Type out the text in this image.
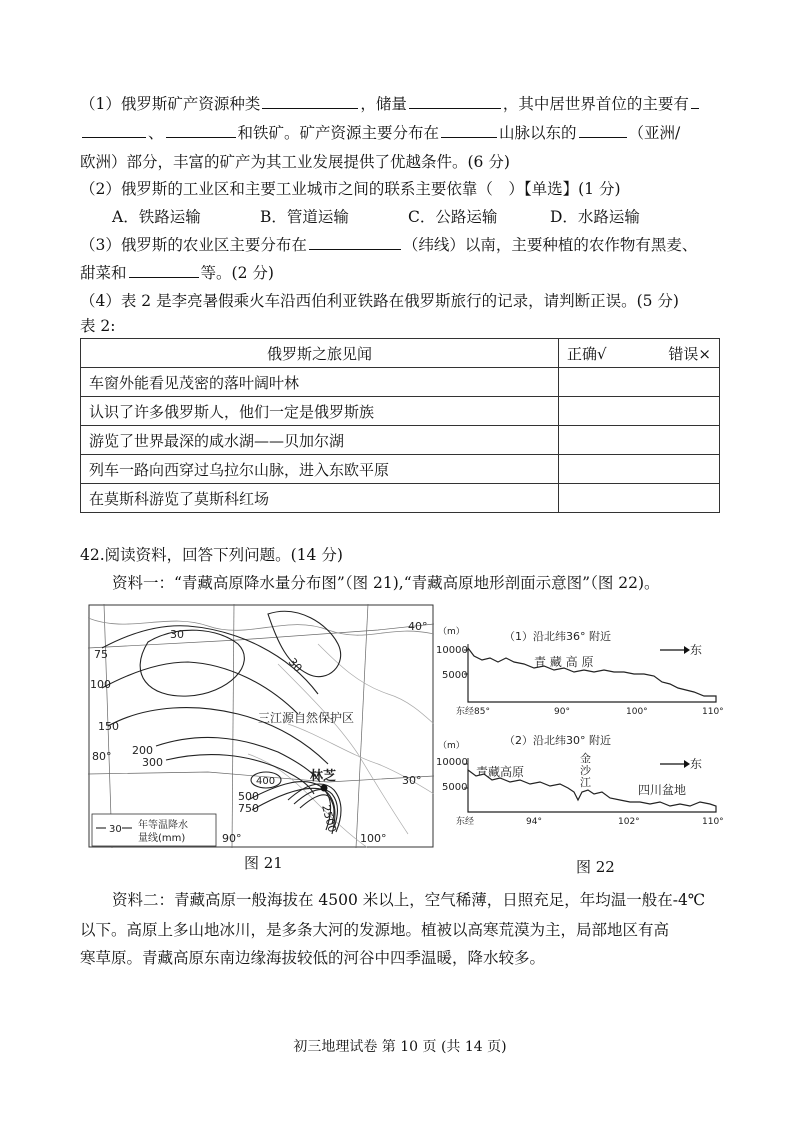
（1）俄罗斯矿产资源种类	，储量	，其中居世界首位的主要有
、	和铁矿。矿产资源主要分布在	山脉以东的	（亚洲/
欧洲）部分，丰富的矿产为其工业发展提供了优越条件。(6 分)
（2）俄罗斯的工业区和主要工业城市之间的联系主要依靠（　）【单选】(1 分)
A．铁路运输	B．管道运输	C．公路运输	D．水路运输
（3）俄罗斯的农业区主要分布在	（纬线）以南，主要种植的农作物有黑麦、
甜菜和	等。(2 分)
（4）表 2 是李亮暑假乘火车沿西伯利亚铁路在俄罗斯旅行的记录，请判断正误。(5 分)
表 2:
俄罗斯之旅见闻	正确√ 错误×

车窗外能看见茂密的落叶阔叶林	
认识了许多俄罗斯人，他们一定是俄罗斯族	
游览了世界最深的咸水湖——贝加尔湖	
列车一路向西穿过乌拉尔山脉，进入东欧平原	
在莫斯科游览了莫斯科红场	
42.阅读资料，回答下列问题。(14 分)
资料一：“青藏高原降水量分布图”（图 21),“青藏高原地形剖面示意图”（图 22)。
30
30
75
100
150
200
300
400
500
750	2500
40°
30°
80°
90°	100°
三江源自然保护区
林芝
30 年等温降水
量线(mm)
图 21
（m）	（1）沿北纬36° 附近
东
10000
5000
青 藏 高 原
东经85°	90°	100°	110°
（m）	（2）沿北纬30° 附近
东
10000
5000
青藏高原
金
沙
江
四川盆地
东经	94°	102°	110°
图 22
资料二：青藏高原一般海拔在 4500 米以上，空气稀薄，日照充足，年均温一般在-4℃
以下。高原上多山地冰川，是多条大河的发源地。植被以高寒荒漠为主，局部地区有高
寒草原。青藏高原东南边缘海拔较低的河谷中四季温暖，降水较多。
初三地理试卷 第 10 页 (共 14 页)
